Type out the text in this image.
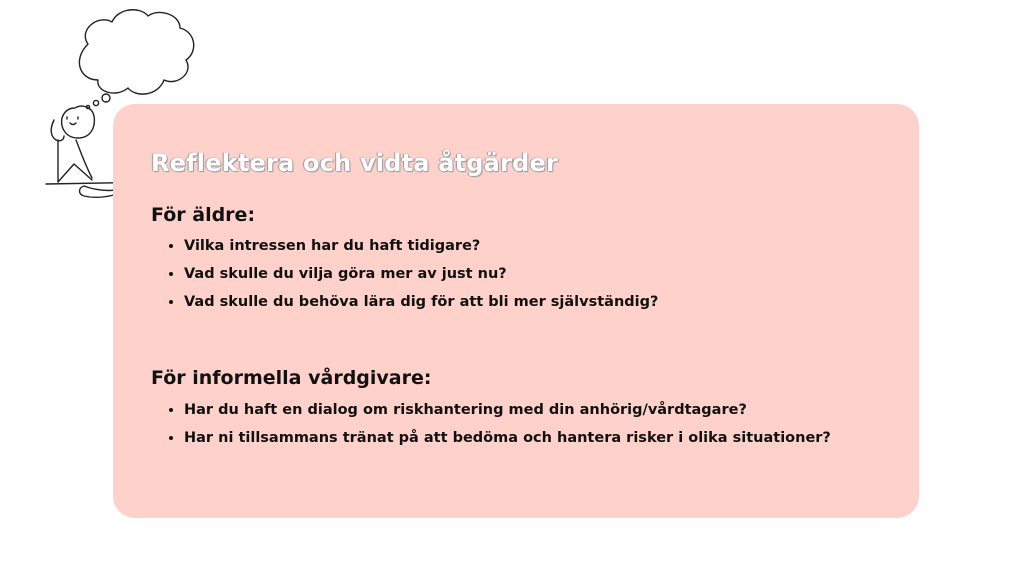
Reflektera och vidta åtgärder
För äldre:
• Vilka intressen har du haft tidigare?
• Vad skulle du vilja göra mer av just nu?
• Vad skulle du behöva lära dig för att bli mer självständig?
För informella vårdgivare:
• Har du haft en dialog om riskhantering med din anhörig/vårdtagare?
• Har ni tillsammans tränat på att bedöma och hantera risker i olika situationer?
